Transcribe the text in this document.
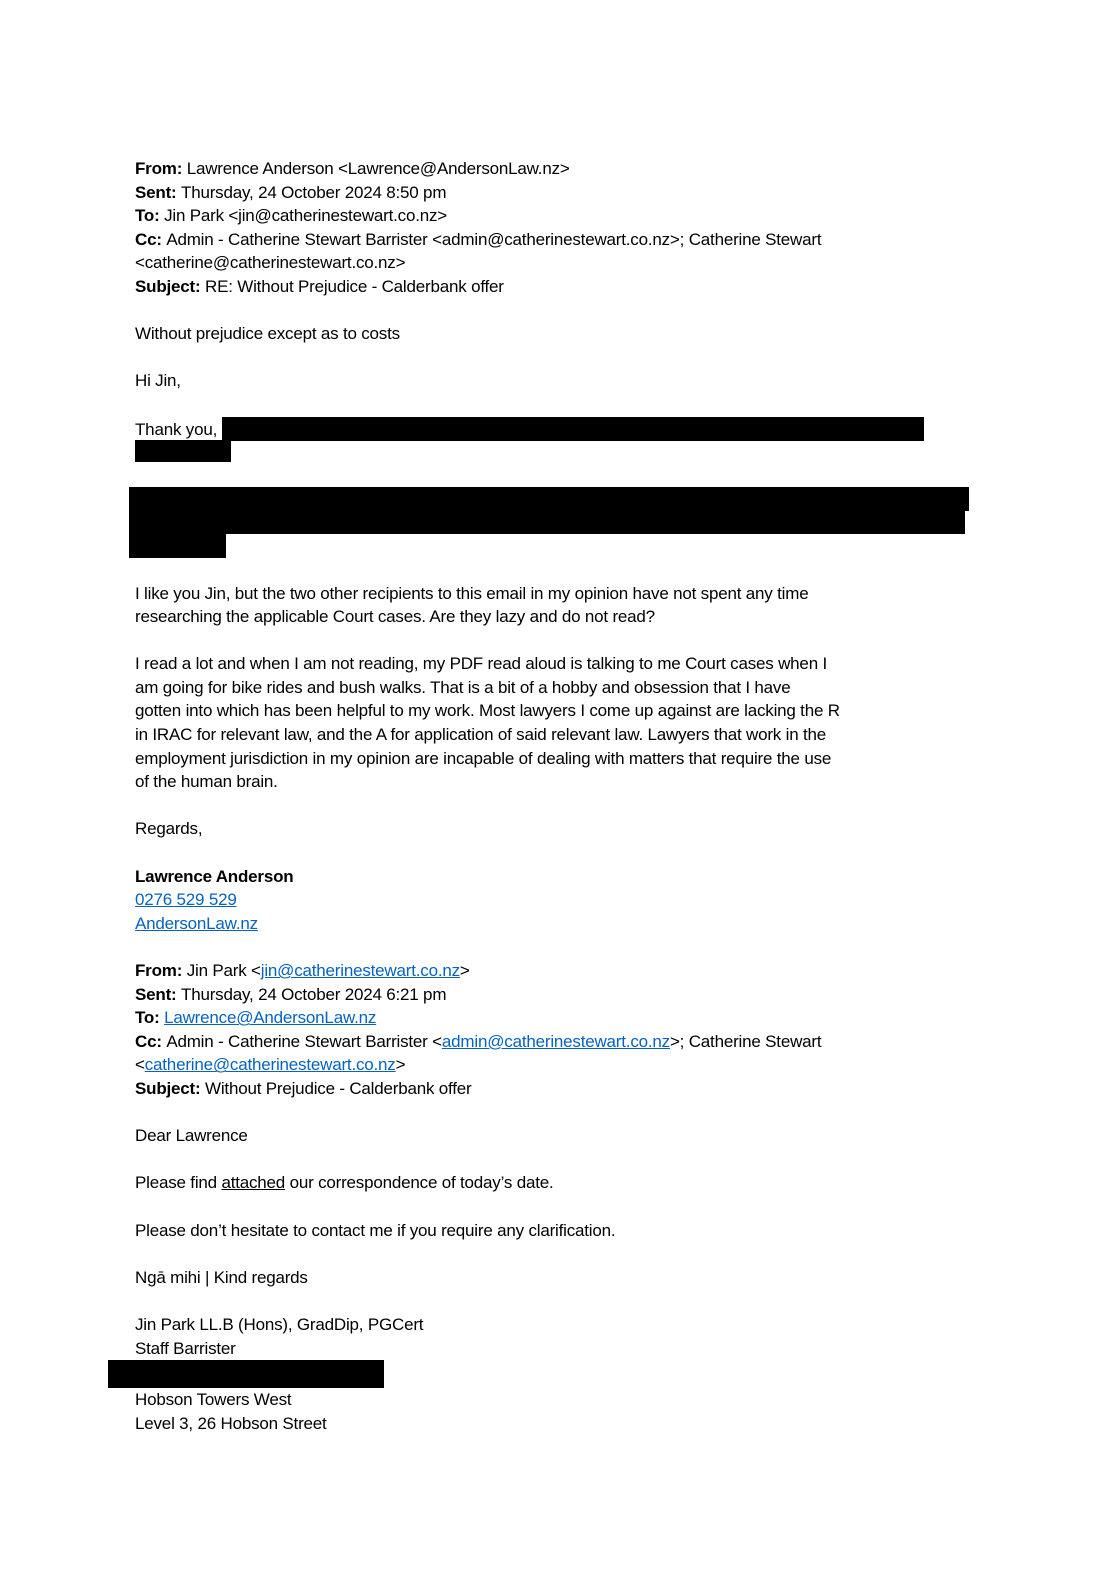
From: Lawrence Anderson <Lawrence@AndersonLaw.nz>
Sent: Thursday, 24 October 2024 8:50 pm
To: Jin Park <jin@catherinestewart.co.nz>
Cc: Admin - Catherine Stewart Barrister <admin@catherinestewart.co.nz>; Catherine Stewart
<catherine@catherinestewart.co.nz>
Subject: RE: Without Prejudice - Calderbank offer
Without prejudice except as to costs
Hi Jin,
Thank you,
I like you Jin, but the two other recipients to this email in my opinion have not spent any time
researching the applicable Court cases. Are they lazy and do not read?
I read a lot and when I am not reading, my PDF read aloud is talking to me Court cases when I
am going for bike rides and bush walks. That is a bit of a hobby and obsession that I have
gotten into which has been helpful to my work. Most lawyers I come up against are lacking the R
in IRAC for relevant law, and the A for application of said relevant law. Lawyers that work in the
employment jurisdiction in my opinion are incapable of dealing with matters that require the use
of the human brain.
Regards,
Lawrence Anderson
0276 529 529
AndersonLaw.nz
From: Jin Park <jin@catherinestewart.co.nz>
Sent: Thursday, 24 October 2024 6:21 pm
To: Lawrence@AndersonLaw.nz
Cc: Admin - Catherine Stewart Barrister <admin@catherinestewart.co.nz>; Catherine Stewart
<catherine@catherinestewart.co.nz>
Subject: Without Prejudice - Calderbank offer
Dear Lawrence
Please find attached our correspondence of today’s date.
Please don’t hesitate to contact me if you require any clarification.
Ngā mihi | Kind regards
Jin Park LL.B (Hons), GradDip, PGCert
Staff Barrister
Hobson Towers West
Level 3, 26 Hobson Street
